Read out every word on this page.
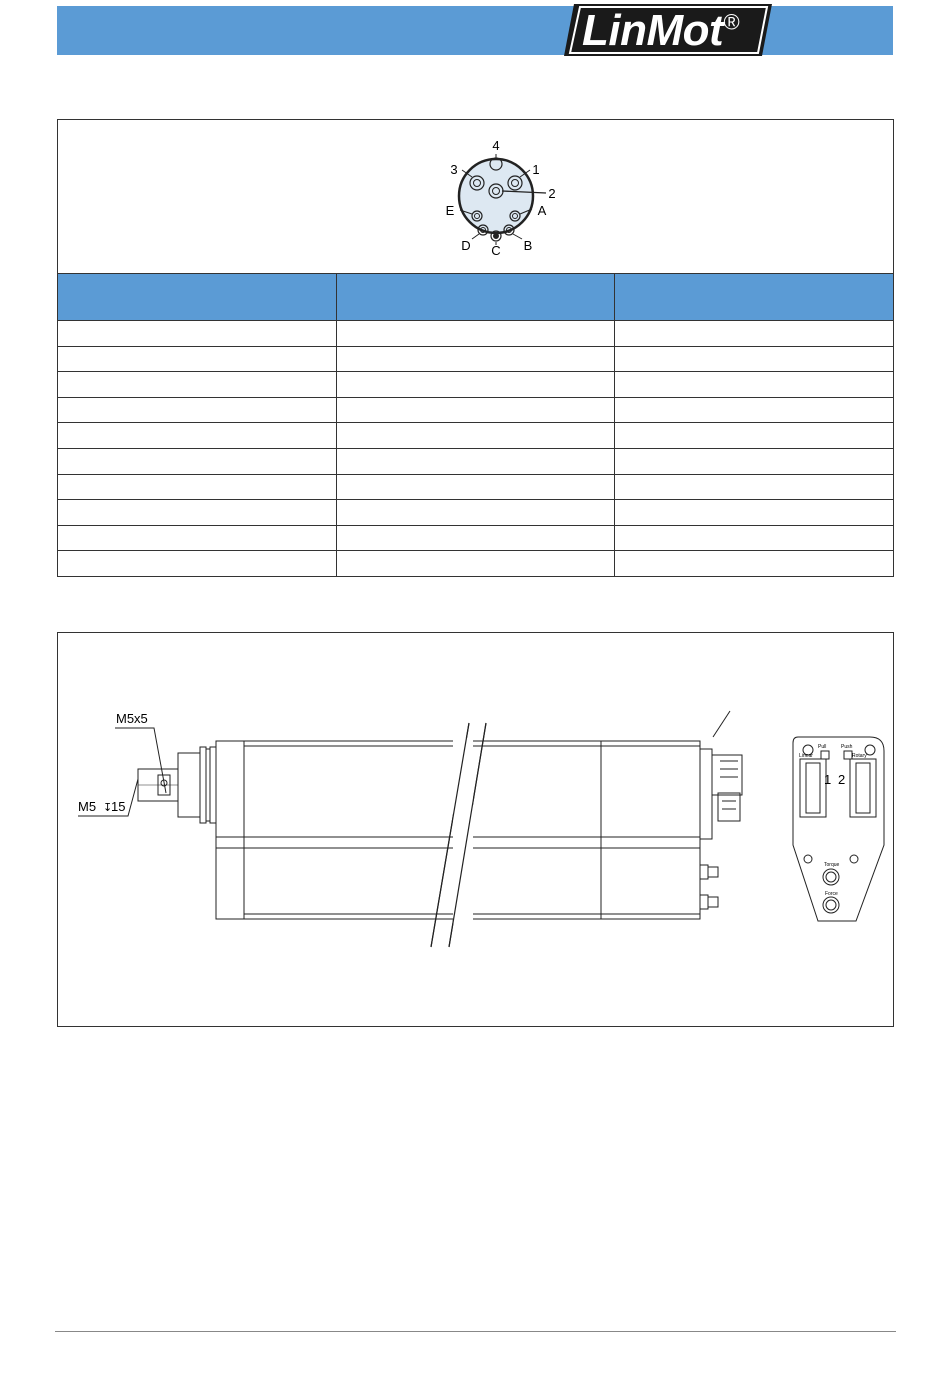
LinMot®
4
3	1
2
E	A
D	B
C

M5x5
M5 ↧
15
1 2
Pull	Push
Linear	Rotary
Torque
Force
